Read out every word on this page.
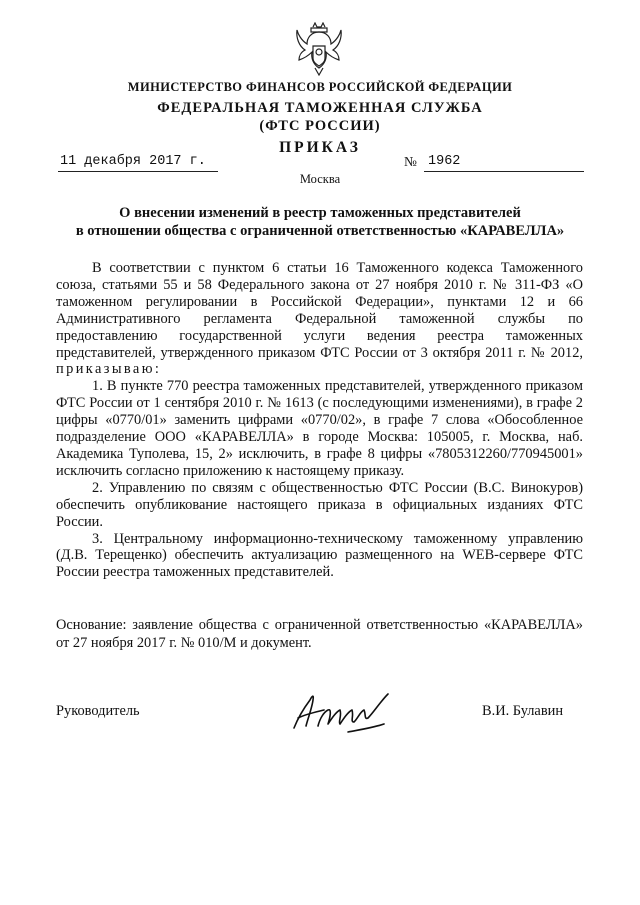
МИНИСТЕРСТВО ФИНАНСОВ РОССИЙСКОЙ ФЕДЕРАЦИИ
ФЕДЕРАЛЬНАЯ ТАМОЖЕННАЯ СЛУЖБА
(ФТС РОССИИ)
ПРИКАЗ
11 декабря 2017 г.
Москва
№ 1962
О внесении изменений в реестр таможенных представителей
в отношении общества с ограниченной ответственностью «КАРАВЕЛЛА»

В соответствии с пунктом 6 статьи 16 Таможенного кодекса Таможенного союза, статьями 55 и 58 Федерального закона от 27 ноября 2010 г. № 311-ФЗ «О таможенном регулировании в Российской Федерации», пунктами 12 и 66 Административного регламента Федеральной таможенной службы по предоставлению государственной услуги ведения реестра таможенных представителей, утвержденного приказом ФТС России от 3 октября 2011 г. № 2012, приказываю:

1. В пункте 770 реестра таможенных представителей, утвержденного приказом ФТС России от 1 сентября 2010 г. № 1613 (с последующими изменениями), в графе 2 цифры «0770/01» заменить цифрами «0770/02», в графе 7 слова «Обособленное подразделение ООО «КАРАВЕЛЛА» в городе Москва: 105005, г. Москва, наб. Академика Туполева, 15, 2» исключить, в графе 8 цифры «7805312260/770945001» исключить согласно приложению к настоящему приказу.

2. Управлению по связям с общественностью ФТС России (В.С. Винокуров) обеспечить опубликование настоящего приказа в официальных изданиях ФТС России.

3. Центральному информационно-техническому таможенному управлению (Д.В. Терещенко) обеспечить актуализацию размещенного на WEB-сервере ФТС России реестра таможенных представителей.

Основание: заявление общества с ограниченной ответственностью «КАРАВЕЛЛА» от 27 ноября 2017 г. № 010/М и документ.
Руководитель	В.И. Булавин
